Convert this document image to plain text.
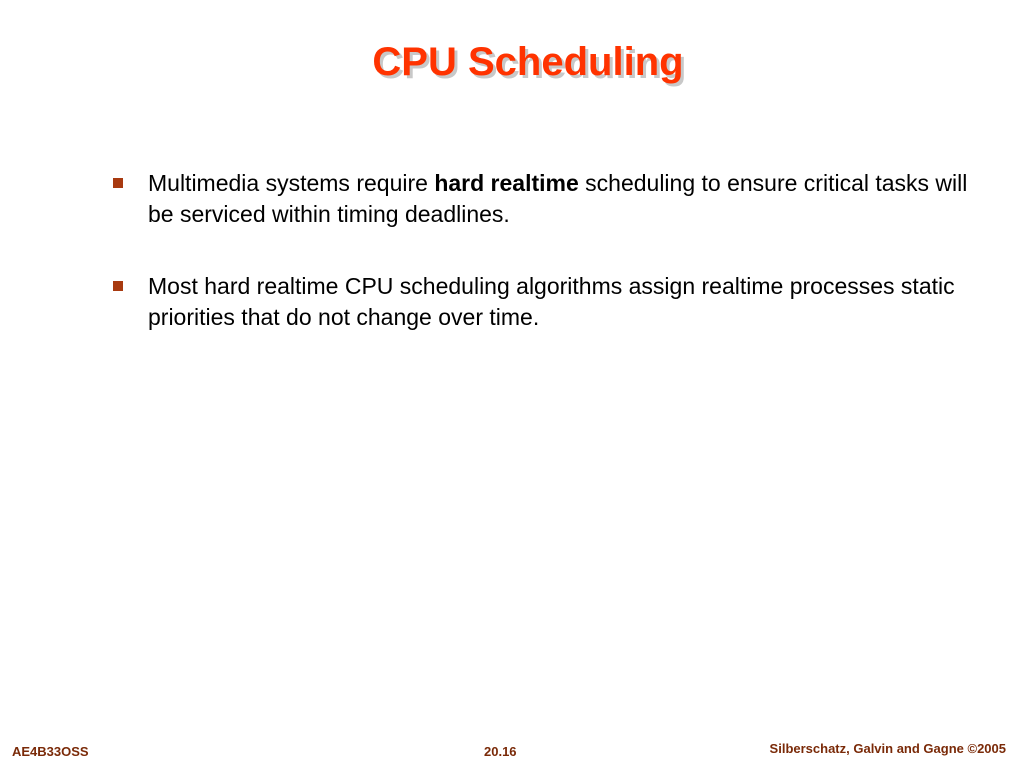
CPU Scheduling
Multimedia systems require hard realtime scheduling to ensure critical tasks will be serviced within timing deadlines.
Most hard realtime CPU scheduling algorithms assign realtime processes static priorities that do not change over time.
AE4B33OSS	20.16	Silberschatz, Galvin and Gagne ©2005
